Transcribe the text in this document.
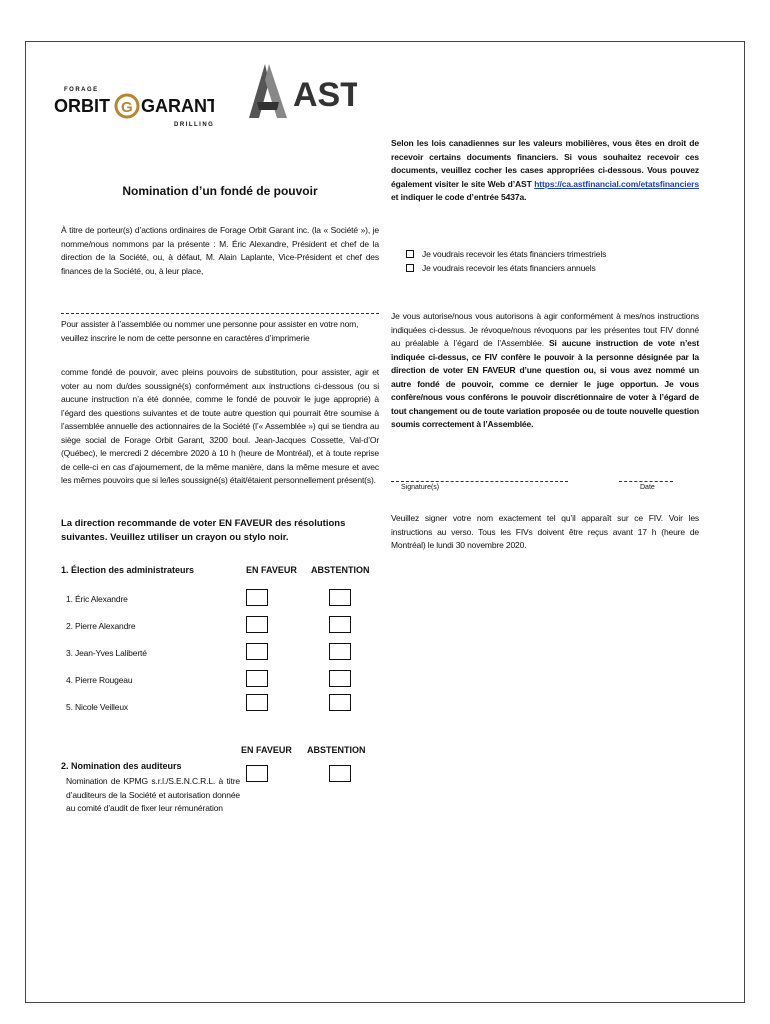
FORAGE
ORBIT G GARANT
DRILLING
AST
Nomination d’un fondé de pouvoir
À titre de porteur(s) d’actions ordinaires de Forage Orbit Garant inc. (la « Société »), je nomme/nous nommons par la présente : M. Éric Alexandre, Président et chef de la direction de la Société, ou, à défaut, M. Alain Laplante, Vice-Président et chef des finances de la Société, ou, à leur place,
Pour assister à l’assemblée ou nommer une personne pour assister en votre nom, veuillez inscrire le nom de cette personne en caractères d’imprimerie
comme fondé de pouvoir, avec pleins pouvoirs de substitution, pour assister, agir et voter au nom du/des soussigné(s) conformément aux instructions ci-dessous (ou si aucune instruction n’a été donnée, comme le fondé de pouvoir le juge approprié) à l’égard des questions suivantes et de toute autre question qui pourrait être soumise à l’assemblée annuelle des actionnaires de la Société (l’« Assemblée ») qui se tiendra au siège social de Forage Orbit Garant, 3200 boul. Jean-Jacques Cossette, Val-d’Or (Québec), le mercredi 2 décembre 2020 à 10 h (heure de Montréal), et à toute reprise de celle-ci en cas d’ajournement, de la même manière, dans la même mesure et avec les mêmes pouvoirs que si le/les soussigné(s) était/étaient personnellement présent(s).
La direction recommande de voter EN FAVEUR des résolutions suivantes. Veuillez utiliser un crayon ou stylo noir.
1. Élection des administrateurs	EN FAVEUR ABSTENTION
1. Éric Alexandre
2. Pierre Alexandre
3. Jean-Yves Laliberté
4. Pierre Rougeau
5. Nicole Veilleux
EN FAVEUR ABSTENTION
2. Nomination des auditeurs
Nomination de KPMG s.r.l./S.E.N.C.R.L. à titre d’auditeurs de la Société et autorisation donnée au comité d’audit de fixer leur rémunération
Selon les lois canadiennes sur les valeurs mobilières, vous êtes en droit de recevoir certains documents financiers. Si vous souhaitez recevoir ces documents, veuillez cocher les cases appropriées ci-dessous. Vous pouvez également visiter le site Web d’AST https://ca.astfinancial.com/etatsfinanciers et indiquer le code d’entrée 5437a.
Je voudrais recevoir les états financiers trimestriels
Je voudrais recevoir les états financiers annuels
Je vous autorise/nous vous autorisons à agir conformément à mes/nos instructions indiquées ci-dessus. Je révoque/nous révoquons par les présentes tout FIV donné au préalable à l’égard de l’Assemblée. Si aucune instruction de vote n’est indiquée ci-dessus, ce FIV confère le pouvoir à la personne désignée par la direction de voter EN FAVEUR d’une question ou, si vous avez nommé un autre fondé de pouvoir, comme ce dernier le juge opportun. Je vous confère/nous vous conférons le pouvoir discrétionnaire de voter à l’égard de tout changement ou de toute variation proposée ou de toute nouvelle question soumis correctement à l’Assemblée.
Signature(s)	Date
Veuillez signer votre nom exactement tel qu’il apparaît sur ce FIV. Voir les instructions au verso. Tous les FIVs doivent être reçus avant 17 h (heure de Montréal) le lundi 30 novembre 2020.
